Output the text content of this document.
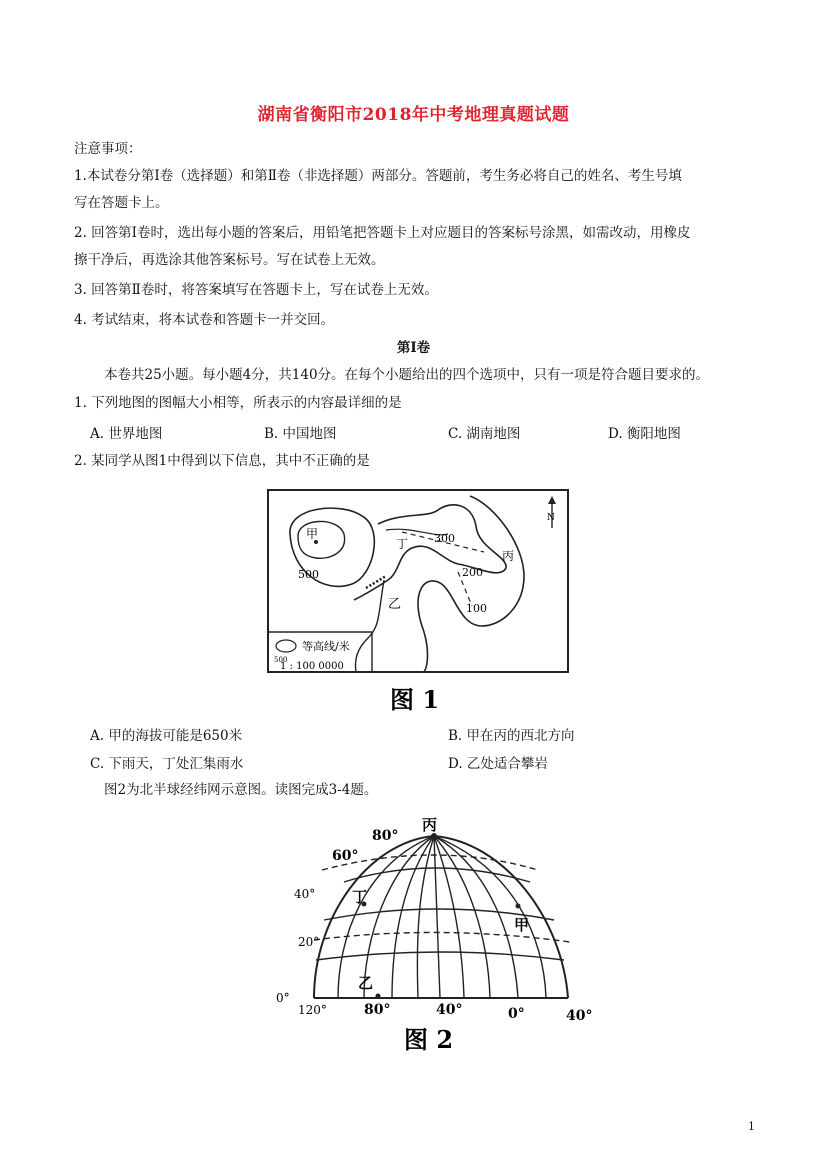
湖南省衡阳市2018年中考地理真题试题
注意事项：
1.本试卷分第Ⅰ卷（选择题）和第Ⅱ卷（非选择题）两部分。答题前，考生务必将自己的姓名、考生号填
写在答题卡上。
2. 回答第Ⅰ卷时，选出每小题的答案后，用铅笔把答题卡上对应题目的答案标号涂黑，如需改动，用橡皮
擦干净后，再选涂其他答案标号。写在试卷上无效。
3. 回答第Ⅱ卷时，将答案填写在答题卡上，写在试卷上无效。
4. 考试结束，将本试卷和答题卡一并交回。
第Ⅰ卷
本卷共25小题。每小题4分，共140分。在每个小题给出的四个选项中，只有一项是符合题目要求的。
1. 下列地图的图幅大小相等，所表示的内容最详细的是
A. 世界地图	B. 中国地图	C. 湖南地图	D. 衡阳地图
2. 某同学从图1中得到以下信息，其中不正确的是
N
甲
丁
丙
乙
500
300
200
100
500
等高线/米
1 : 100 0000
图 1
A. 甲的海拔可能是650米	B. 甲在丙的西北方向
C. 下雨天，丁处汇集雨水	D. 乙处适合攀岩
图2为北半球经纬网示意图。读图完成3-4题。
丙
丁
甲
乙
80°
60°
40°
20°
0°
120°	80°	40°	0°	40°
图 2
1
